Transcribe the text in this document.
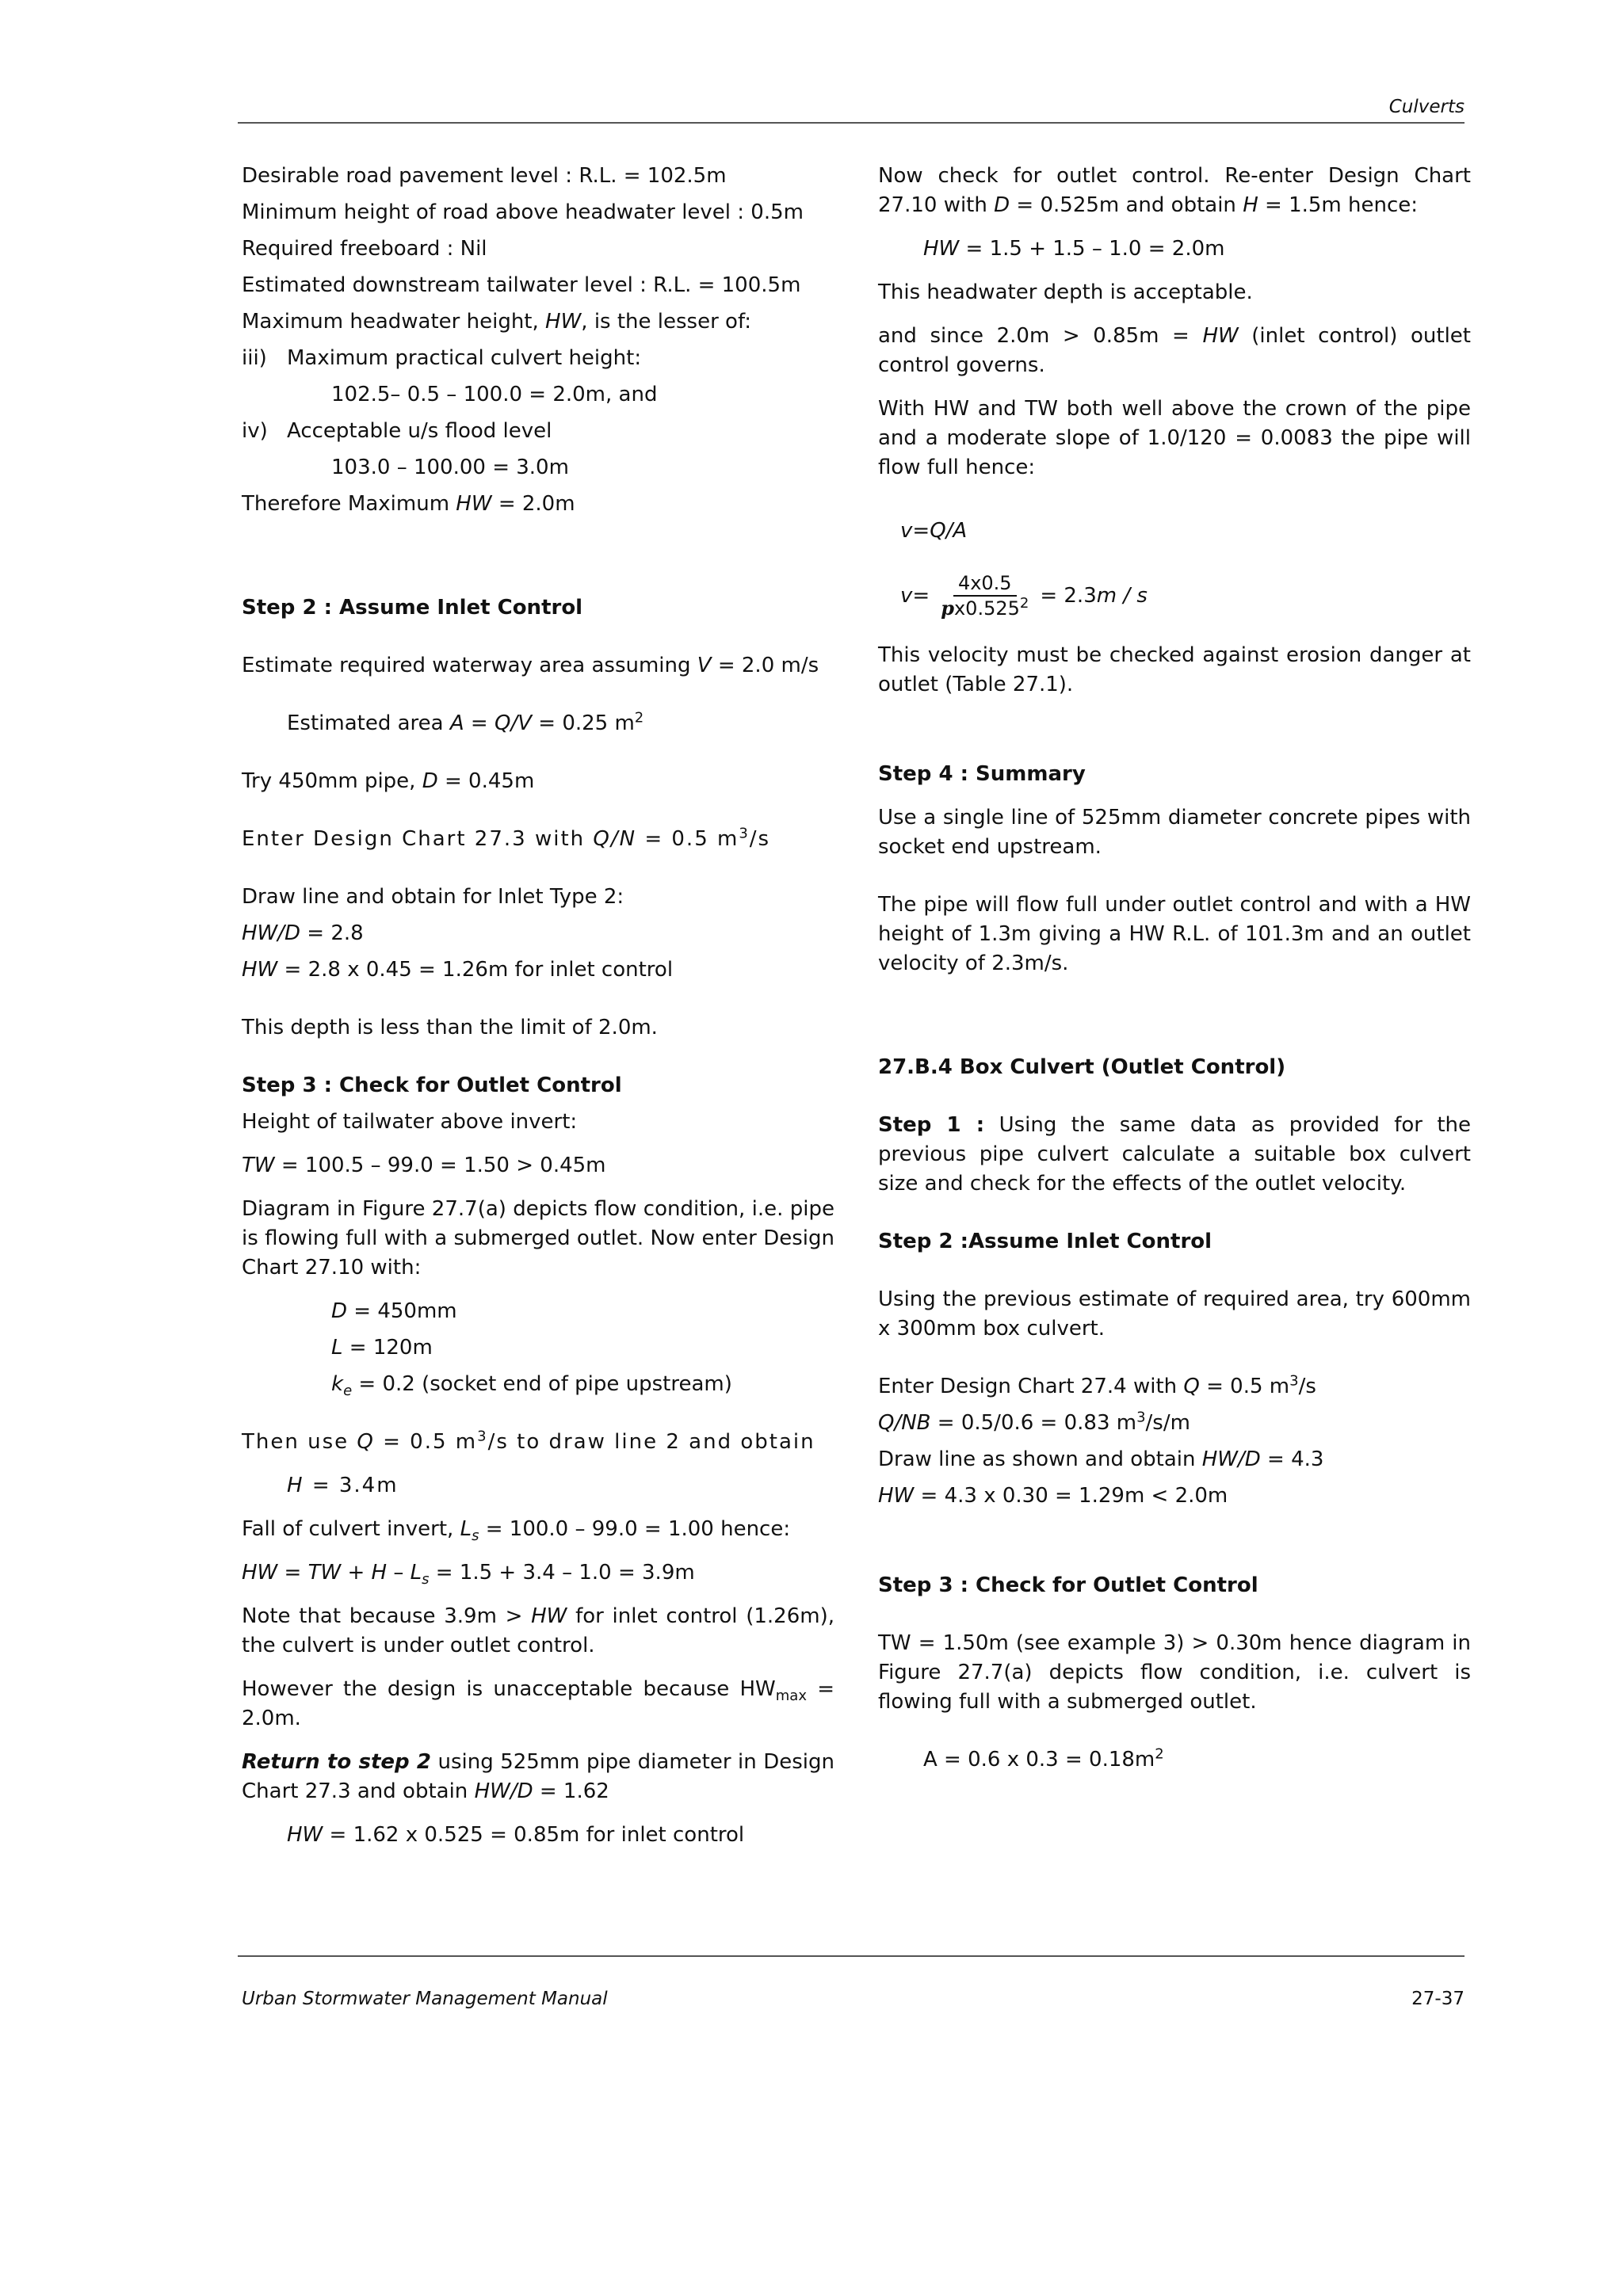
Culverts

Desirable road pavement level : R.L. = 102.5m

Minimum height of road above headwater level : 0.5m

Required freeboard : Nil

Estimated downstream tailwater level : R.L. = 100.5m

Maximum headwater height, HW, is the lesser of:

iii) Maximum practical culvert height:

102.5– 0.5 – 100.0 = 2.0m, and

iv) Acceptable u/s flood level

103.0 – 100.00 = 3.0m

Therefore Maximum HW = 2.0m

Step 2 : Assume Inlet Control

Estimate required waterway area assuming V = 2.0 m/s

Estimated area A = Q/V = 0.25 $m^2$

Try 450mm pipe, D = 0.45m

Enter Design Chart 27.3 with Q/N = 0.5 $m^3/s$

Draw line and obtain for Inlet Type 2:

HW/D = 2.8

HW = 2.8 x 0.45 = 1.26m for inlet control

This depth is less than the limit of 2.0m.

Step 3 : Check for Outlet Control

Height of tailwater above invert:

TW = 100.5 – 99.0 = 1.50 > 0.45m

Diagram in Figure 27.7(a) depicts flow condition, i.e. pipe is flowing full with a submerged outlet. Now enter Design Chart 27.10 with:

D = 450mm

L = 120m

$k_e = 0.2$ (socket end of pipe upstream)

Then use Q = 0.5 $m^3/s$ to draw line 2 and obtain

H = 3.4m

Fall of culvert invert, $L_s = 100.0 - 99.0 = 1.00$ hence:

HW = TW + $H - L_s = 1.5 + 3.4 - 1.0 = 3.9m$

Note that because 3.9m > HW for inlet control (1.26m), the culvert is under outlet control.

However the design is unacceptable because $HW_{max} = 2.0m$.

Return to step 2 using 525mm pipe diameter in Design Chart 27.3 and obtain HW/D = 1.62

HW = 1.62 x 0.525 = 0.85m for inlet control

Now check for outlet control. Re-enter Design Chart 27.10 with D = 0.525m and obtain H = 1.5m hence:

HW = 1.5 + 1.5 – 1.0 = 2.0m

This headwater depth is acceptable.

and since 2.0m > 0.85m = HW (inlet control) outlet control governs.

With HW and TW both well above the crown of the pipe and a moderate slope of 1.0/120 = 0.0083 the pipe will flow full hence:

v = Q/A

$v = \frac{4x0.5}{px0.525^2} = 2.3$ m / s

This velocity must be checked against erosion danger at outlet (Table 27.1).

Step 4 : Summary

Use a single line of 525mm diameter concrete pipes with socket end upstream.

The pipe will flow full under outlet control and with a HW height of 1.3m giving a HW R.L. of 101.3m and an outlet velocity of 2.3m/s.

27.B.4 Box Culvert (Outlet Control)

Step 1 : Using the same data as provided for the previous pipe culvert calculate a suitable box culvert size and check for the effects of the outlet velocity.

Step 2 :Assume Inlet Control

Using the previous estimate of required area, try 600mm x 300mm box culvert.

Enter Design Chart 27.4 with Q = 0.5 $m^3/s$

Q/NB = 0.5/0.6 = 0.83 $m^3/s/m$

Draw line as shown and obtain HW/D = 4.3

HW = 4.3 x 0.30 = 1.29m < 2.0m

Step 3 : Check for Outlet Control

TW = 1.50m (see example 3) > 0.30m hence diagram in Figure 27.7(a) depicts flow condition, i.e. culvert is flowing full with a submerged outlet.

A = 0.6 x $0.3 = 0.18m^2$

Urban Stormwater Management Manual	27-37
